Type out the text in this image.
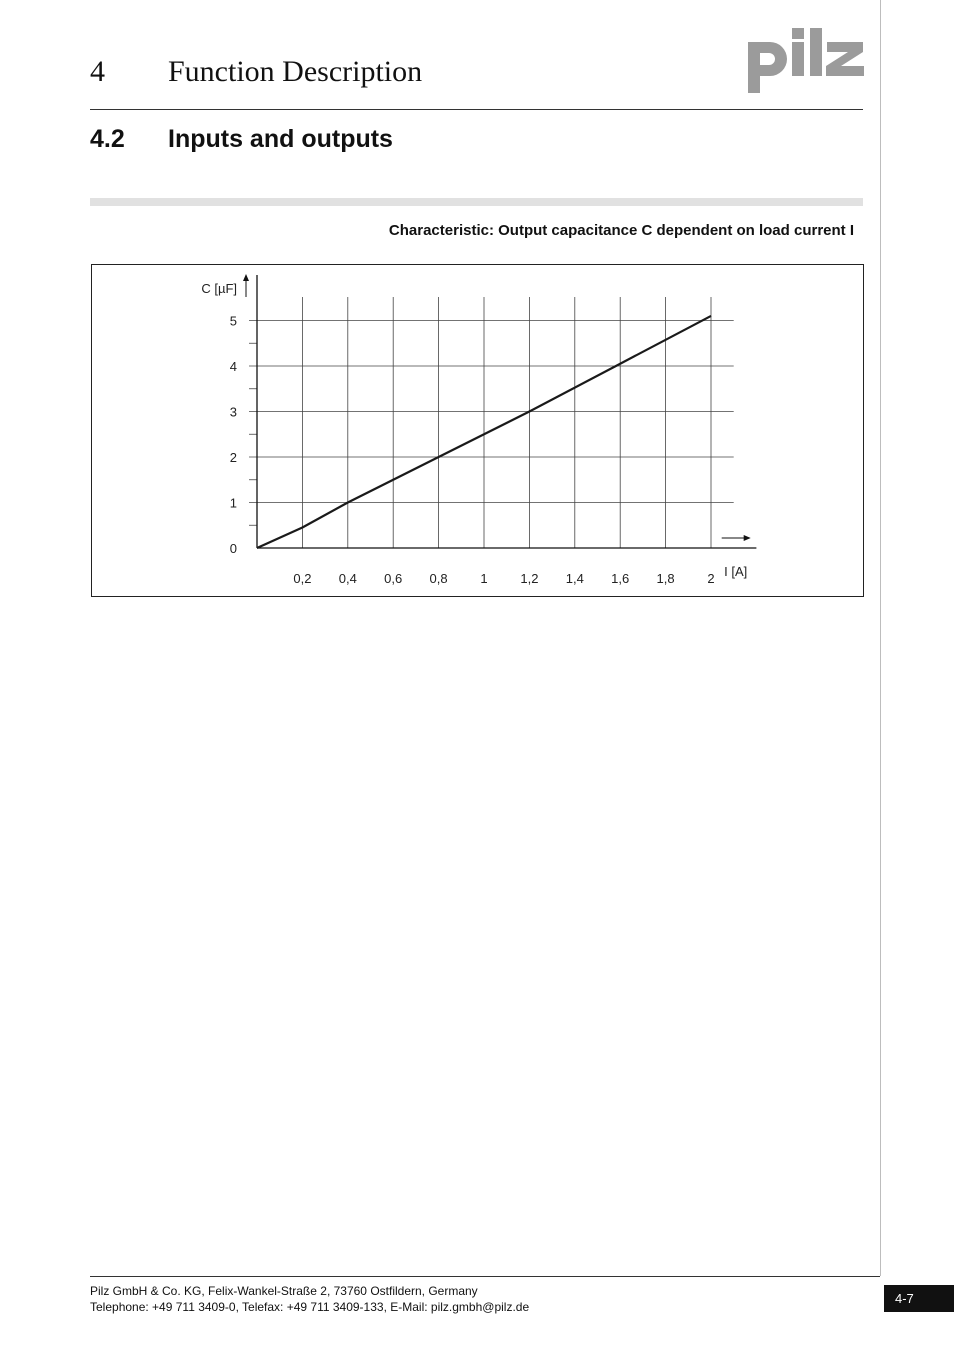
4 Function Description
4.2 Inputs and outputs
Characteristic: Output capacitance C dependent on load current I
0
1
2
3
4
5
0,2 0,4 0,6 0,8	1	1,2 1,4 1,6 1,8	2
C [µF]
I [A]
Pilz GmbH & Co. KG, Felix-Wankel-Straße 2, 73760 Ostfildern, Germany
Telephone: +49 711 3409-0, Telefax: +49 711 3409-133, E-Mail: pilz.gmbh@pilz.de
4-7
